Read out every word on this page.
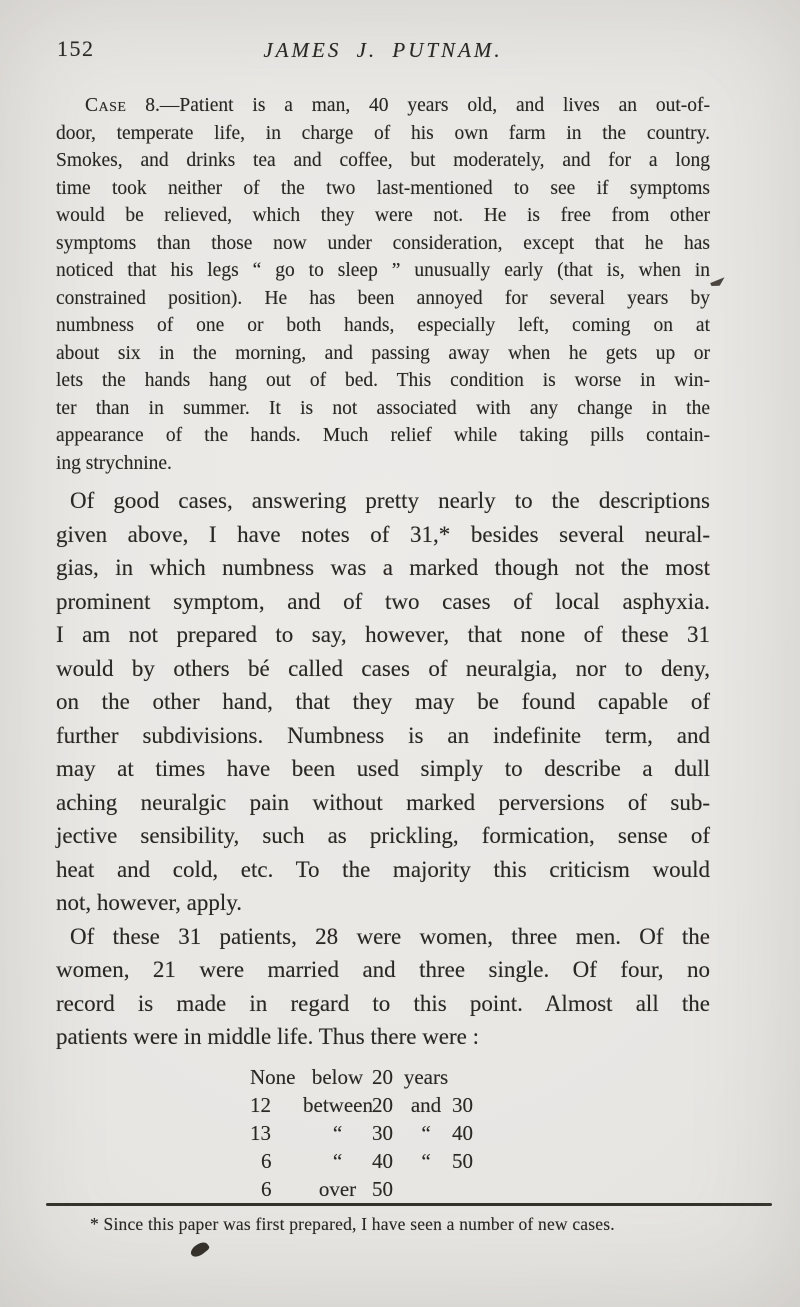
152	JAMES J. PUTNAM.
Case 8.—Patient is a man, 40 years old, and lives an out-of-
door, temperate life, in charge of his own farm in the country.
Smokes, and drinks tea and coffee, but moderately, and for a long
time took neither of the two last-mentioned to see if symptoms
would be relieved, which they were not. He is free from other
symptoms than those now under consideration, except that he has
noticed that his legs “ go to sleep ” unusually early (that is, when in
constrained position). He has been annoyed for several years by
numbness of one or both hands, especially left, coming on at
about six in the morning, and passing away when he gets up or
lets the hands hang out of bed. This condition is worse in win-
ter than in summer. It is not associated with any change in the
appearance of the hands. Much relief while taking pills contain-
ing strychnine.
Of good cases, answering pretty nearly to the descriptions
given above, I have notes of 31,* besides several neural-
gias, in which numbness was a marked though not the most
prominent symptom, and of two cases of local asphyxia.
I am not prepared to say, however, that none of these 31
would by others bé called cases of neuralgia, nor to deny,
on the other hand, that they may be found capable of
further subdivisions. Numbness is an indefinite term, and
may at times have been used simply to describe a dull
aching neuralgic pain without marked perversions of sub-
jective sensibility, such as prickling, formication, sense of
heat and cold, etc. To the majority this criticism would
not, however, apply.
Of these 31 patients, 28 were women, three men. Of the
women, 21 were married and three single. Of four, no
record is made in regard to this point. Almost all the
patients were in middle life. Thus there were :
None below 20 years
12	between 20 and 30
13	“	30	“	40
6	“	40	“	50
6	over 50
* Since this paper was first prepared, I have seen a number of new cases.
